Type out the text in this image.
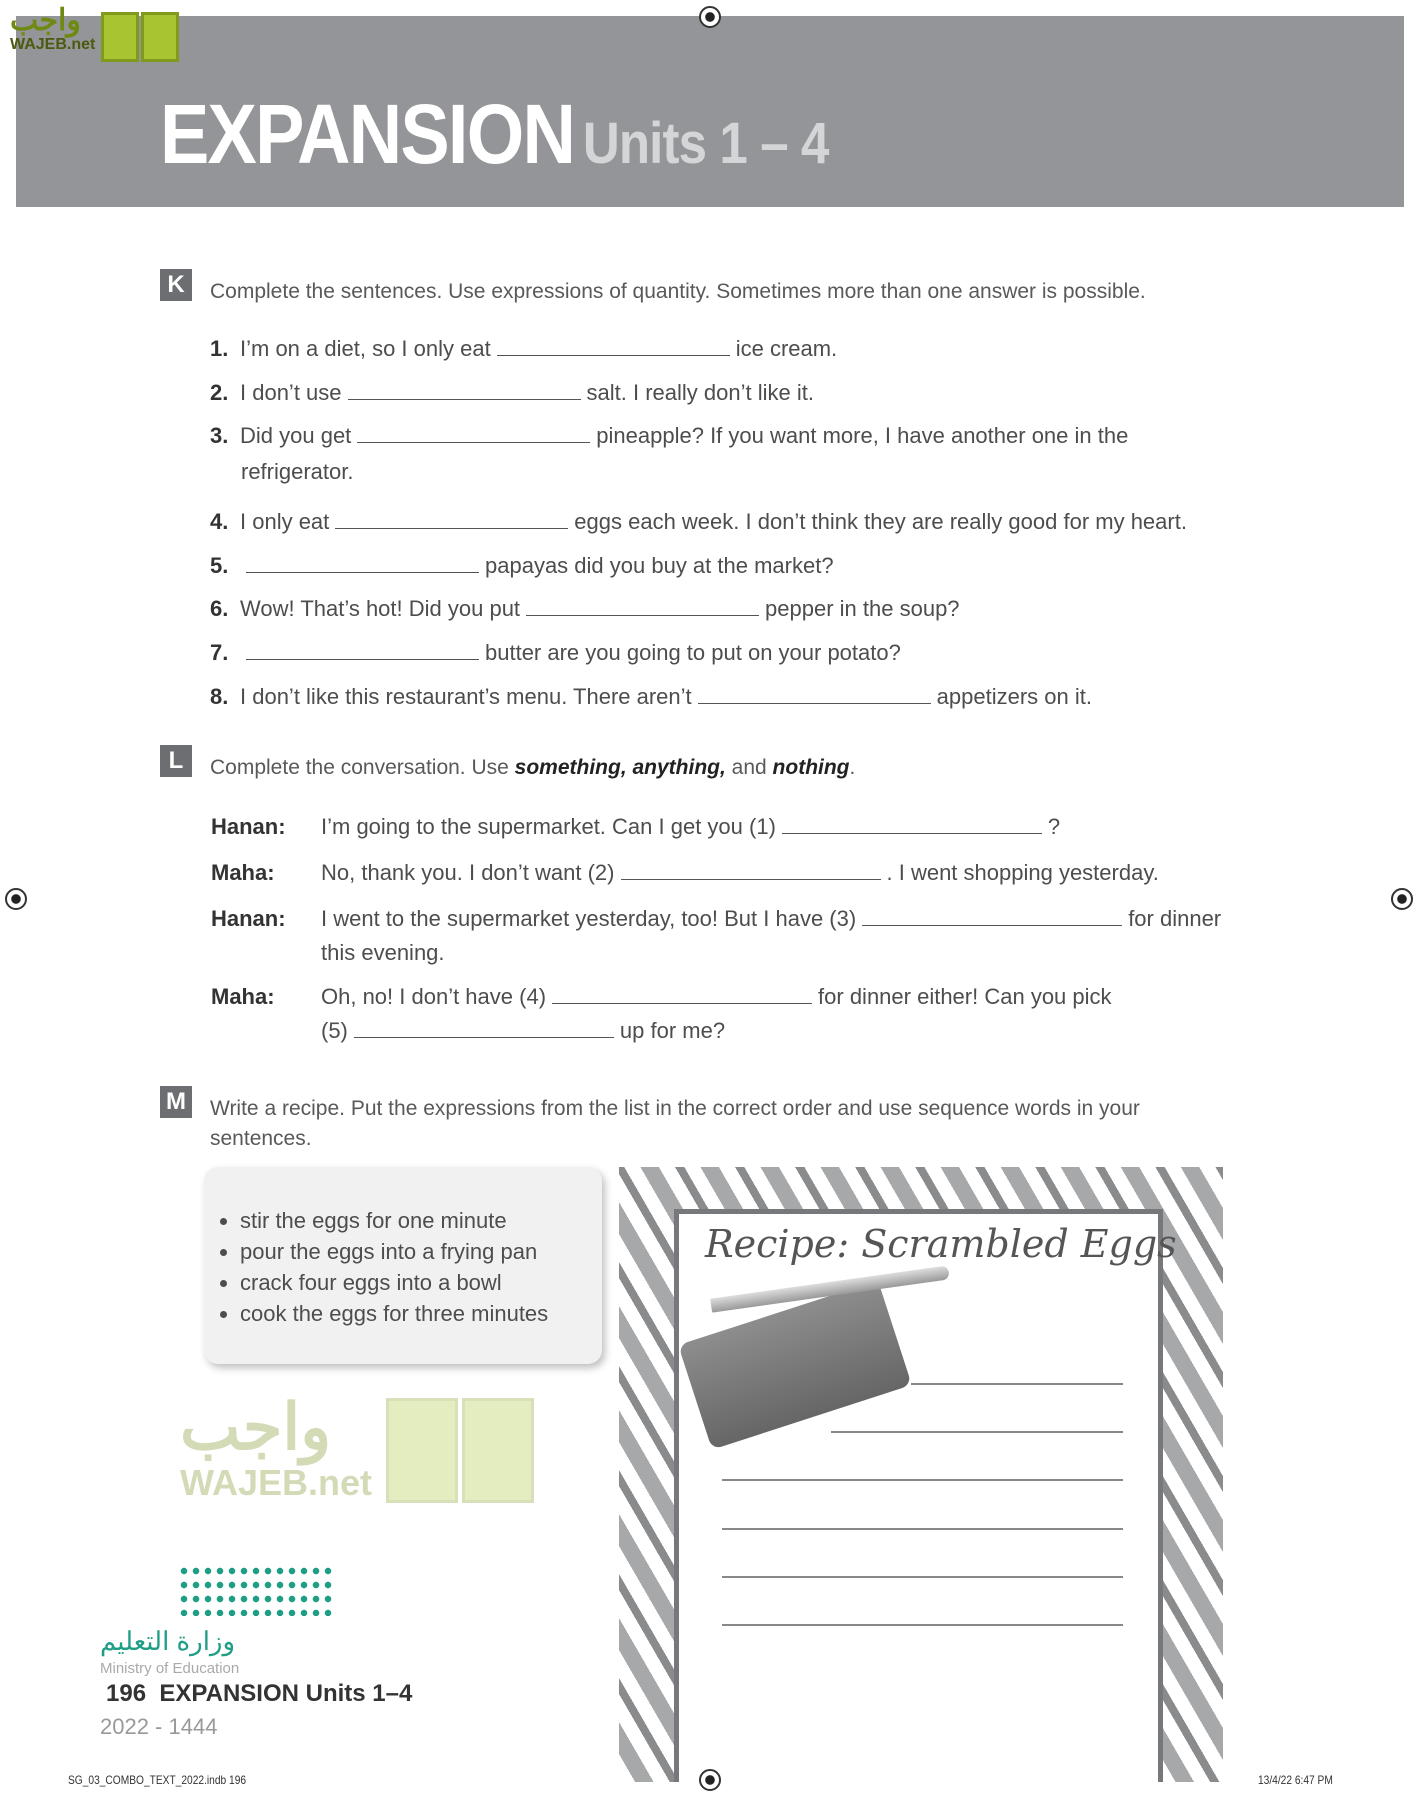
واجب
WAJEB.net
EXPANSION Units 1 – 4
K	Complete the sentences. Use expressions of quantity. Sometimes more than one answer is possible.
1. I’m on a diet, so I only eat	ice cream.
2. I don’t use	salt. I really don’t like it.
3. Did you get	pineapple? If you want more, I have another one in the
refrigerator.
4. I only eat	eggs each week. I don’t think they are really good for my heart.
5.	papayas did you buy at the market?
6. Wow! That’s hot! Did you put	pepper in the soup?
7.	butter are you going to put on your potato?
8. I don’t like this restaurant’s menu. There aren’t	appetizers on it.
L	Complete the conversation. Use something, anything, and nothing.
Hanan: I’m going to the supermarket. Can I get you (1)	?
Maha: No, thank you. I don’t want (2)	. I went shopping yesterday.
Hanan: I went to the supermarket yesterday, too! But I have (3)	for dinner
this evening.
Maha: Oh, no! I don’t have (4)	for dinner either! Can you pick
(5)	up for me?
M Write a recipe. Put the expressions from the list in the correct order and use sequence words in your
sentences.
• stir the eggs for one minute
• pour the eggs into a frying pan
• crack four eggs into a bowl
• cook the eggs for three minutes
واجب
WAJEB.net
Recipe: Scrambled Eggs
وزارة التعليم
Ministry of Education
196 EXPANSION Units 1–4
2022 - 1444
SG_03_COMBO_TEXT_2022.indb 196	13/4/22 6:47 PM
